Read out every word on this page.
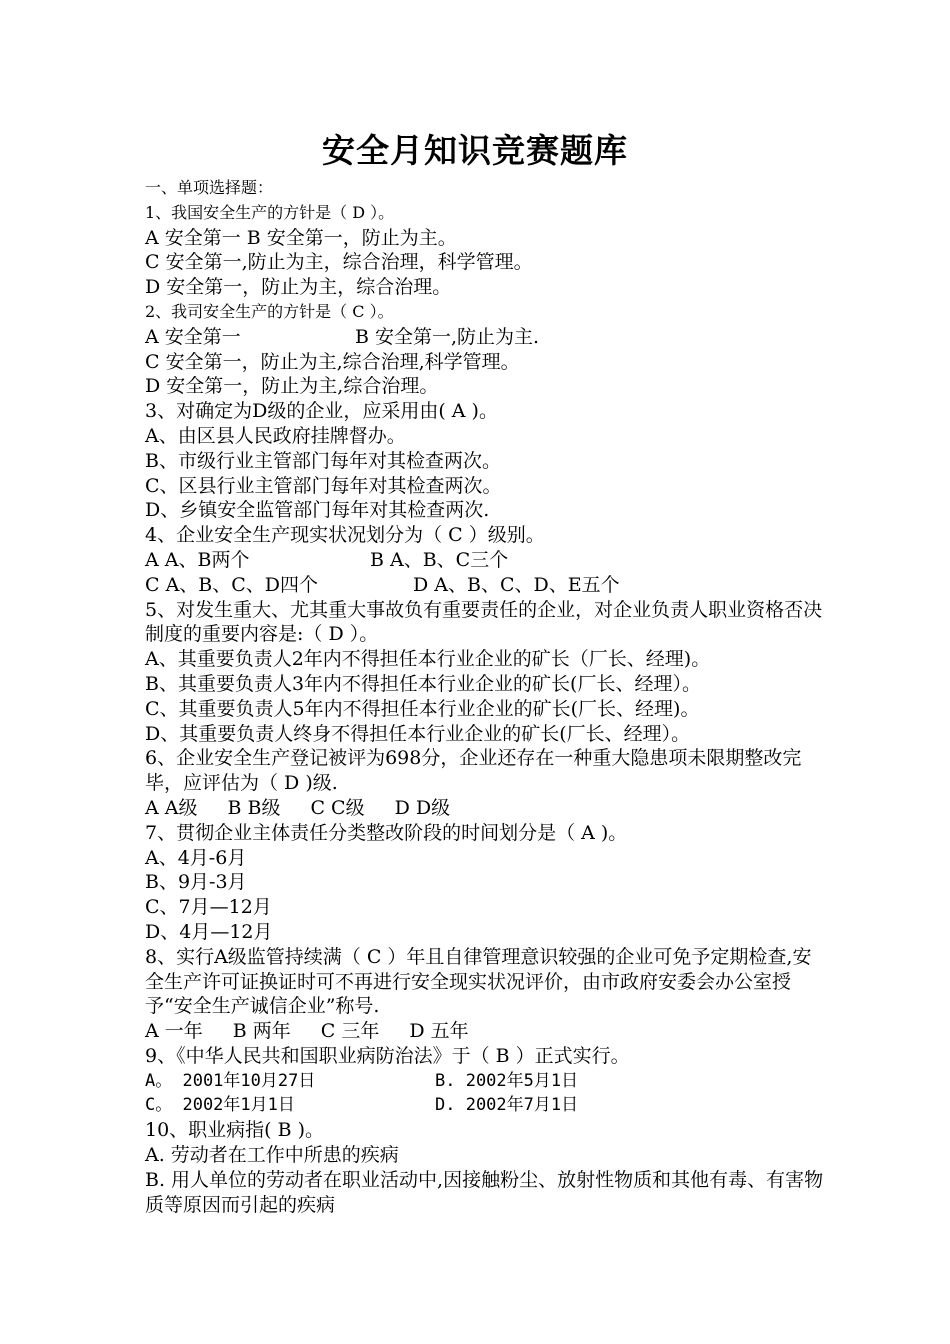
安全月知识竞赛题库
一、单项选择题：
1、我国安全生产的方针是（ D ）。
A 安全第一 B 安全第一，防止为主。
C 安全第一,防止为主，综合治理，科学管理。
D 安全第一，防止为主，综合治理。
2、我司安全生产的方针是（ C ）。
A 安全第一	B 安全第一,防止为主.
C 安全第一，防止为主,综合治理,科学管理。
D 安全第一，防止为主,综合治理。
3、对确定为D级的企业，应采用由( A )。
A、由区县人民政府挂牌督办。
B、市级行业主管部门每年对其检查两次。
C、区县行业主管部门每年对其检查两次。
D、乡镇安全监管部门每年对其检查两次.
4、企业安全生产现实状况划分为（ C ）级别。
A A、B两个	B A、B、C三个
C A、B、C、D四个	D A、B、C、D、E五个
5、对发生重大、尤其重大事故负有重要责任的企业，对企业负责人职业资格否决制度的重要内容是:（ D ）。
A、其重要负责人2年内不得担任本行业企业的矿长（厂长、经理)。
B、其重要负责人3年内不得担任本行业企业的矿长(厂长、经理）。
C、其重要负责人5年内不得担任本行业企业的矿长(厂长、经理)。
D、其重要负责人终身不得担任本行业企业的矿长(厂长、经理）。
6、企业安全生产登记被评为698分，企业还存在一种重大隐患项未限期整改完毕，应评估为（ D )级.
A A级 B B级 C C级 D D级
7、贯彻企业主体责任分类整改阶段的时间划分是（ A )。
A、4月-6月
B、9月-3月
C、7月—12月
D、4月—12月
8、实行A级监管持续满（ C ）年且自律管理意识较强的企业可免予定期检查,安全生产许可证换证时可不再进行安全现实状况评价，由市政府安委会办公室授予“安全生产诚信企业”称号.
A 一年 B 两年 C 三年 D 五年
9、《中华人民共和国职业病防治法》于（ B ）正式实行。
A。 2001年10月27日	B. 2002年5月1日
C。 2002年1月1日	D. 2002年7月1日
10、职业病指( B )。
A. 劳动者在工作中所患的疾病
B. 用人单位的劳动者在职业活动中,因接触粉尘、放射性物质和其他有毒、有害物质等原因而引起的疾病
